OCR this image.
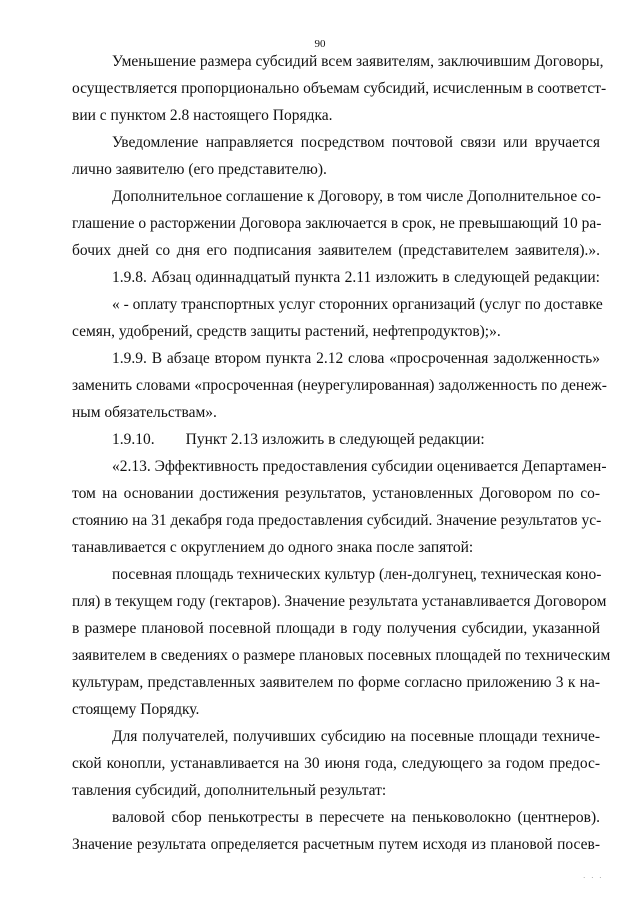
90
Уменьшение размера субсидий всем заявителям, заключившим Договоры,
осуществляется пропорционально объемам субсидий, исчисленным в соответст-
вии с пунктом 2.8 настоящего Порядка.
Уведомление направляется посредством почтовой связи или вручается
лично заявителю (его представителю).
Дополнительное соглашение к Договору, в том числе Дополнительное со-
глашение о расторжении Договора заключается в срок, не превышающий 10 ра-
бочих дней со дня его подписания заявителем (представителем заявителя).».
1.9.8. Абзац одиннадцатый пункта 2.11 изложить в следующей редакции:
« - оплату транспортных услуг сторонних организаций (услуг по доставке
семян, удобрений, средств защиты растений, нефтепродуктов);».
1.9.9. В абзаце втором пункта 2.12 слова «просроченная задолженность»
заменить словами «просроченная (неурегулированная) задолженность по денеж-
ным обязательствам».
1.9.10.        Пункт 2.13 изложить в следующей редакции:
«2.13. Эффективность предоставления субсидии оценивается Департамен-
том на основании достижения результатов, установленных Договором по со-
стоянию на 31 декабря года предоставления субсидий. Значение результатов ус-
танавливается с округлением до одного знака после запятой:
посевная площадь технических культур (лен-долгунец, техническая коно-
пля) в текущем году (гектаров). Значение результата устанавливается Договором
в размере плановой посевной площади в году получения субсидии, указанной
заявителем в сведениях о размере плановых посевных площадей по техническим
культурам, представленных заявителем по форме согласно приложению 3 к на-
стоящему Порядку.
Для получателей, получивших субсидию на посевные площади техниче-
ской конопли, устанавливается на 30 июня года, следующего за годом предос-
тавления субсидий, дополнительный результат:
валовой сбор пенькотресты в пересчете на пеньковолокно (центнеров).
Значение результата определяется расчетным путем исходя из плановой посев-
· · ·
